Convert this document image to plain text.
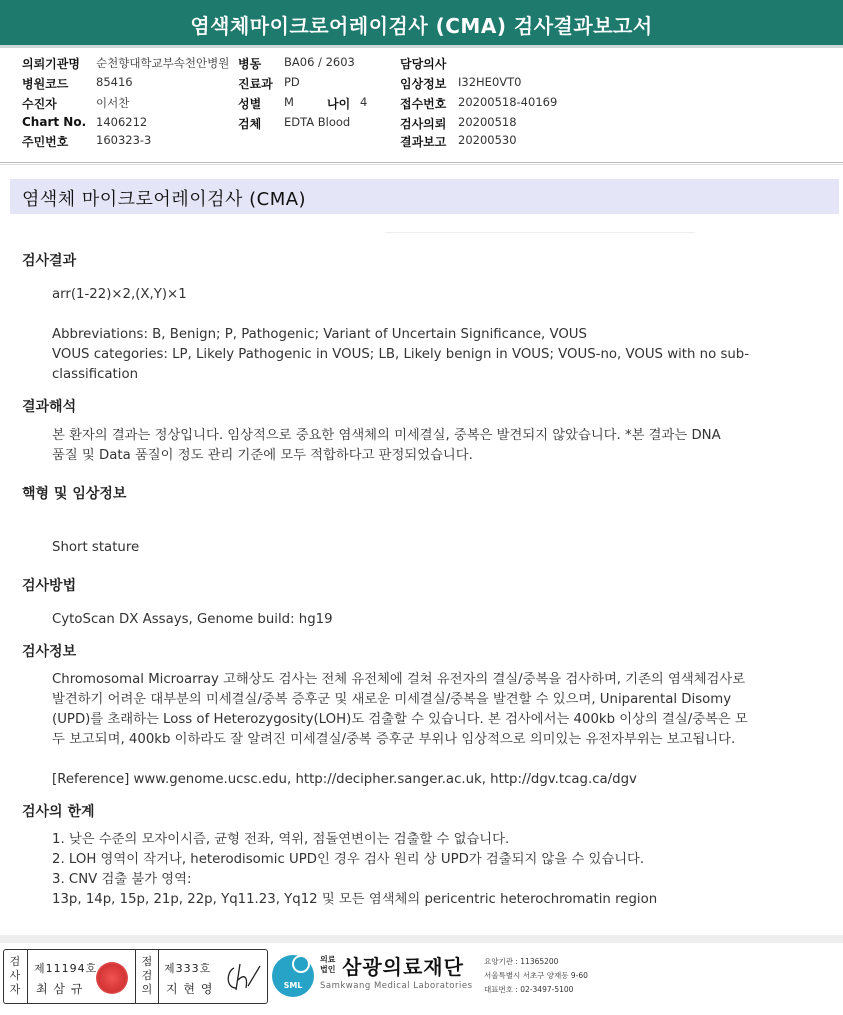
염색체마이크로어레이검사 (CMA) 검사결과보고서
의뢰기관명 순천향대학교부속천안병원 병동 BA06 / 2603	담당의사
병원코드 85416	진료과 PD	임상정보 I32HE0VT0
수진자	이서찬	성별 M	나이 4	접수번호 20200518-40169
Chart No. 1406212	검체 EDTA Blood	검사의뢰 20200518
주민번호 160323-3	결과보고 20200530
염색체 마이크로어레이검사 (CMA)
검사결과
arr(1-22)×2,(X,Y)×1
Abbreviations: B, Benign; P, Pathogenic; Variant of Uncertain Significance, VOUS
VOUS categories: LP, Likely Pathogenic in VOUS; LB, Likely benign in VOUS; VOUS-no, VOUS with no sub-
classification
결과해석
본 환자의 결과는 정상입니다. 임상적으로 중요한 염색체의 미세결실, 중복은 발견되지 않았습니다. *본 결과는 DNA
품질 및 Data 품질이 정도 관리 기준에 모두 적합하다고 판정되었습니다.
핵형 및 임상정보
Short stature
검사방법
CytoScan DX Assays, Genome build: hg19
검사정보
Chromosomal Microarray 고해상도 검사는 전체 유전체에 걸쳐 유전자의 결실/중복을 검사하며, 기존의 염색체검사로
발견하기 어려운 대부분의 미세결실/중복 증후군 및 새로운 미세결실/중복을 발견할 수 있으며, Uniparental Disomy
(UPD)를 초래하는 Loss of Heterozygosity(LOH)도 검출할 수 있습니다. 본 검사에서는 400kb 이상의 결실/중복은 모
두 보고되며, 400kb 이하라도 잘 알려진 미세결실/중복 증후군 부위나 임상적으로 의미있는 유전자부위는 보고됩니다.
[Reference] www.genome.ucsc.edu, http://decipher.sanger.ac.uk, http://dgv.tcag.ca/dgv
검사의 한계
1. 낮은 수준의 모자이시즘, 균형 전좌, 역위, 점돌연변이는 검출할 수 없습니다.
2. LOH 영역이 작거나, heterodisomic UPD인 경우 검사 원리 상 UPD가 검출되지 않을 수 있습니다.
3. CNV 검출 불가 영역:
13p, 14p, 15p, 21p, 22p, Yq11.23, Yq12 및 모든 염색체의 pericentric heterochromatin region
검
사
자
제11194호
최 삼 규
점
검
의
제333호
지 현 영	SML
의료
법인 삼광의료재단
Samkwang Medical Laboratories
요양기관 : 11365200
서울특별시 서초구 양재동 9-60
대표번호 : 02-3497-5100
